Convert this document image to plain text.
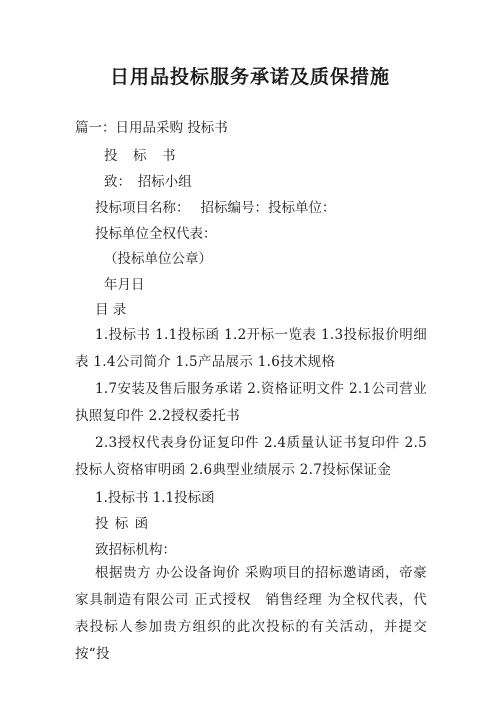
日用品投标服务承诺及质保措施
篇一：日用品采购 投标书
投　标　书
致：　招标小组
投标项目名称：　 招标编号：投标单位：
投标单位全权代表：
（投标单位公章）
年月日
目 录
1.投标书 1.1投标函 1.2开标一览表 1.3投标报价明细表 1.4公司简介 1.5产品展示 1.6技术规格
1.7安装及售后服务承诺 2.资格证明文件 2.1公司营业执照复印件 2.2授权委托书
2.3授权代表身份证复印件 2.4质量认证书复印件 2.5投标人资格审明函 2.6典型业绩展示 2.7投标保证金
1.投标书 1.1投标函
投 标 函
致招标机构：
根据贵方 办公设备询价 采购项目的招标邀请函，帝豪家具制造有限公司 正式授权　销售经理 为全权代表，代表投标人参加贵方组织的此次投标的有关活动，并提交按“投
